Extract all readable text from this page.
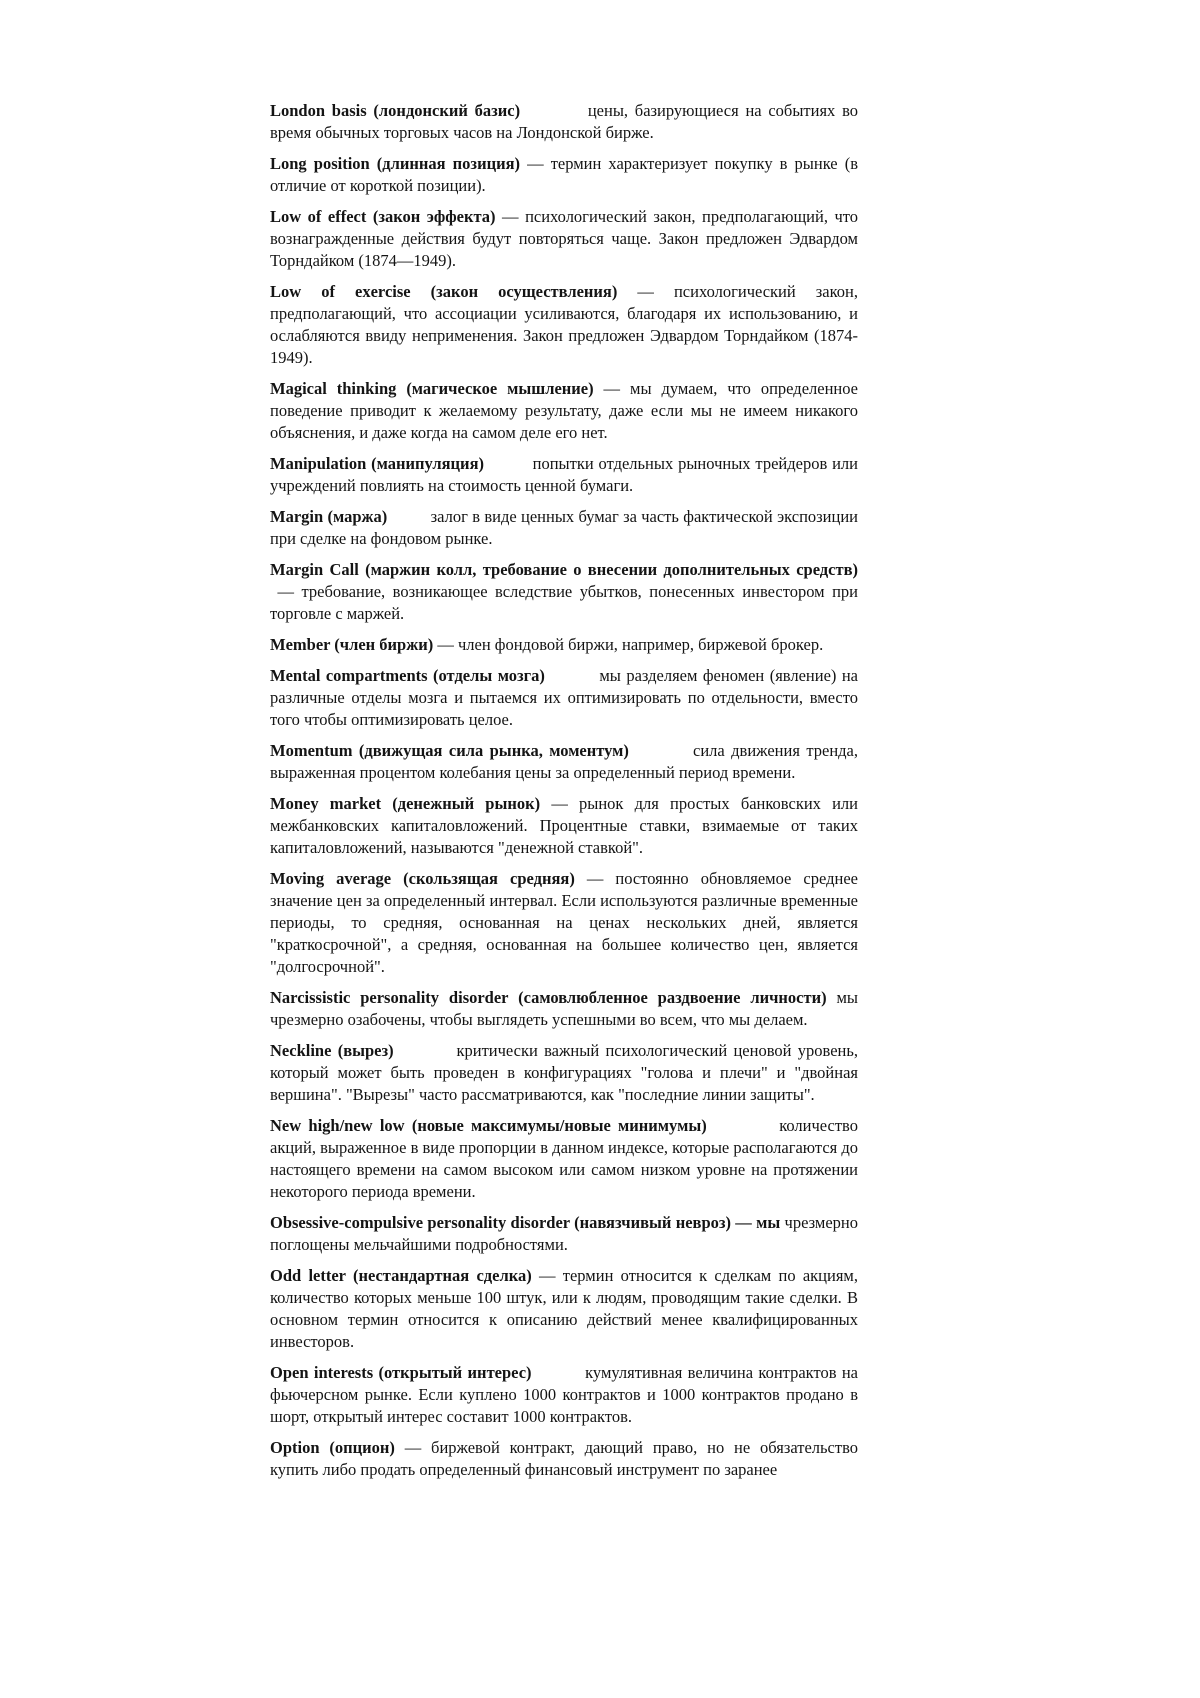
London basis (лондонский базис)	цены, базирующиеся на событиях во время обычных торговых часов на Лондонской бирже.

Long position (длинная позиция) — термин характеризует покупку в рынке (в отличие от короткой позиции).

Low of effect (закон эффекта) — психологический закон, предполагающий, что вознагражденные действия будут повторяться чаще. Закон предложен Эдвардом Торндайком (1874—1949).

Low of exercise (закон осуществления) — психологический закон, предполагающий, что ассоциации усиливаются, благодаря их использованию, и ослабляются ввиду неприменения. Закон предложен Эдвардом Торндайком (1874-1949).

Magical thinking (магическое мышление) — мы думаем, что определенное поведение приводит к желаемому результату, даже если мы не имеем никакого объяснения, и даже когда на самом деле его нет.

Manipulation (манипуляция)	попытки отдельных рыночных трейдеров или учреждений повлиять на стоимость ценной бумаги.

Margin (маржа)	залог в виде ценных бумаг за часть фактической экспозиции при сделке на фондовом рынке.

Margin Call (маржин колл, требование о внесении дополнительных средств) — требование, возникающее вследствие убытков, понесенных инвестором при торговле с маржей.

Member (член биржи) — член фондовой биржи, например, биржевой брокер.

Mental compartments (отделы мозга)	мы разделяем феномен (явление) на различные отделы мозга и пытаемся их оптимизировать по отдельности, вместо того чтобы оптимизировать целое.

Momentum (движущая сила рынка, моментум)	сила движения тренда, выраженная процентом колебания цены за определенный период времени.

Money market (денежный рынок) — рынок для простых банковских или межбанковских капиталовложений. Процентные ставки, взимаемые от таких капиталовложений, называются "денежной ставкой".

Moving average (скользящая средняя) — постоянно обновляемое среднее значение цен за определенный интервал. Если используются различные временные периоды, то средняя, основанная на ценах нескольких дней, является "краткосрочной", а средняя, основанная на большее количество цен, является "долгосрочной".

Narcissistic personality disorder (самовлюбленное раздвоение личности) мы чрезмерно озабочены, чтобы выглядеть успешными во всем, что мы делаем.

Neckline (вырез)	критически важный психологический ценовой уровень, который может быть проведен в конфигурациях "голова и плечи" и "двойная вершина". "Вырезы" часто рассматриваются, как "последние линии защиты".

New high/new low (новые максимумы/новые минимумы)	количество акций, выраженное в виде пропорции в данном индексе, которые располагаются до настоящего времени на самом высоком или самом низком уровне на протяжении некоторого периода времени.

Obsessive-compulsive personality disorder (навязчивый невроз) — мы чрезмерно поглощены мельчайшими подробностями.

Odd letter (нестандартная сделка) — термин относится к сделкам по акциям, количество которых меньше 100 штук, или к людям, проводящим такие сделки. В основном термин относится к описанию действий менее квалифицированных инвесторов.

Open interests (открытый интерес)	кумулятивная величина контрактов на фьючерсном рынке. Если куплено 1000 контрактов и 1000 контрактов продано в шорт, открытый интерес составит 1000 контрактов.

Option (опцион) — биржевой контракт, дающий право, но не обязательство купить либо продать определенный финансовый инструмент по заранее
